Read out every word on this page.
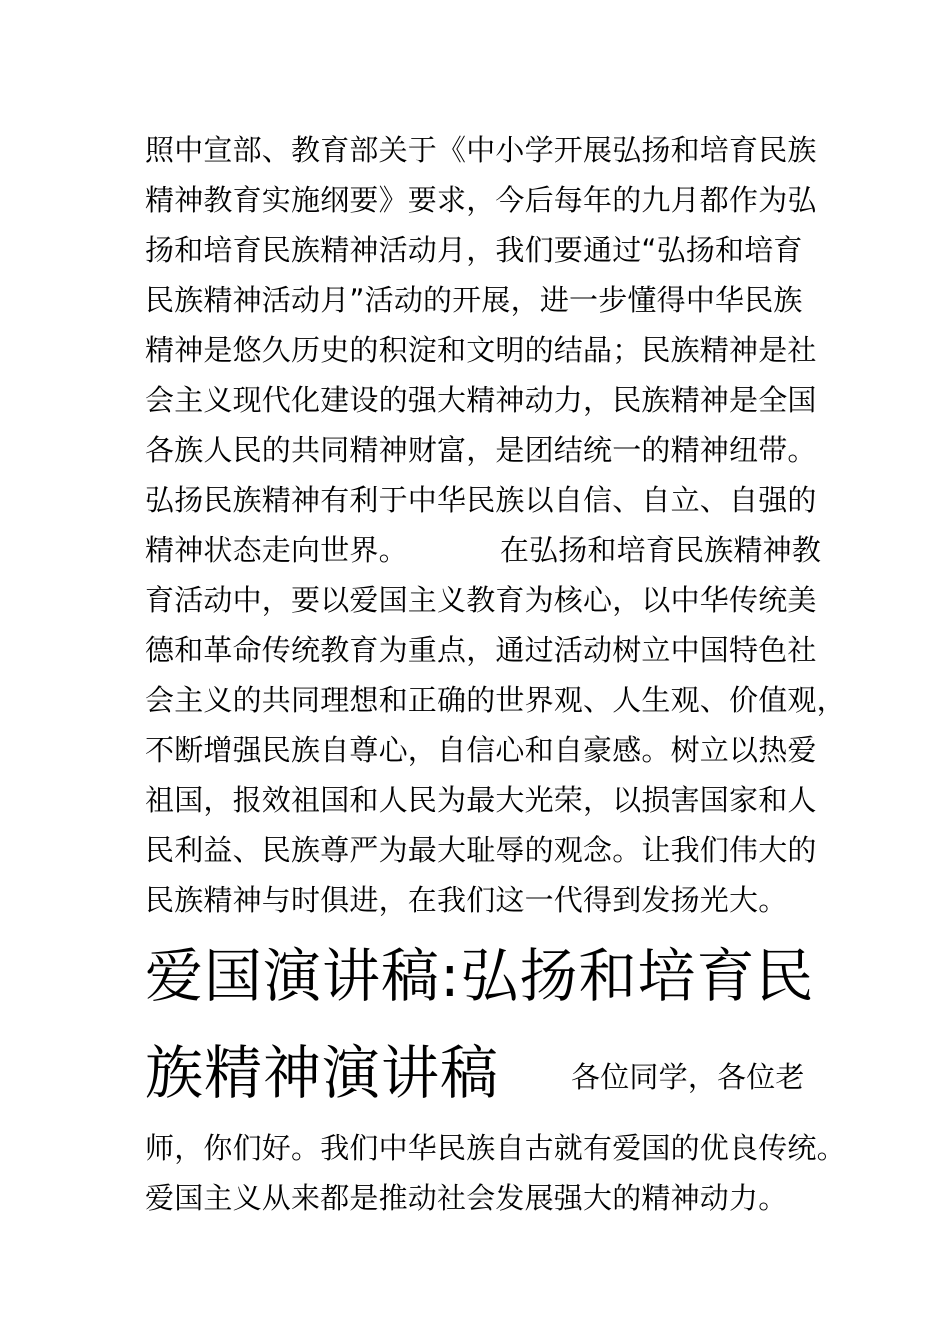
照中宣部、教育部关于《中小学开展弘扬和培育民族
精神教育实施纲要》要求，今后每年的九月都作为弘
扬和培育民族精神活动月，我们要通过“弘扬和培育
民族精神活动月”活动的开展，进一步懂得中华民族
精神是悠久历史的积淀和文明的结晶；民族精神是社
会主义现代化建设的强大精神动力，民族精神是全国
各族人民的共同精神财富，是团结统一的精神纽带。
弘扬民族精神有利于中华民族以自信、自立、自强的
精神状态走向世界。	在弘扬和培育民族精神教
育活动中，要以爱国主义教育为核心，以中华传统美
德和革命传统教育为重点，通过活动树立中国特色社
会主义的共同理想和正确的世界观、人生观、价值观，
不断增强民族自尊心，自信心和自豪感。树立以热爱
祖国，报效祖国和人民为最大光荣，以损害国家和人
民利益、民族尊严为最大耻辱的观念。让我们伟大的
民族精神与时俱进，在我们这一代得到发扬光大。
爱国演讲稿:弘扬和培育民
族精神演讲稿 各位同学，各位老
师，你们好。我们中华民族自古就有爱国的优良传统。
爱国主义从来都是推动社会发展强大的精神动力。
